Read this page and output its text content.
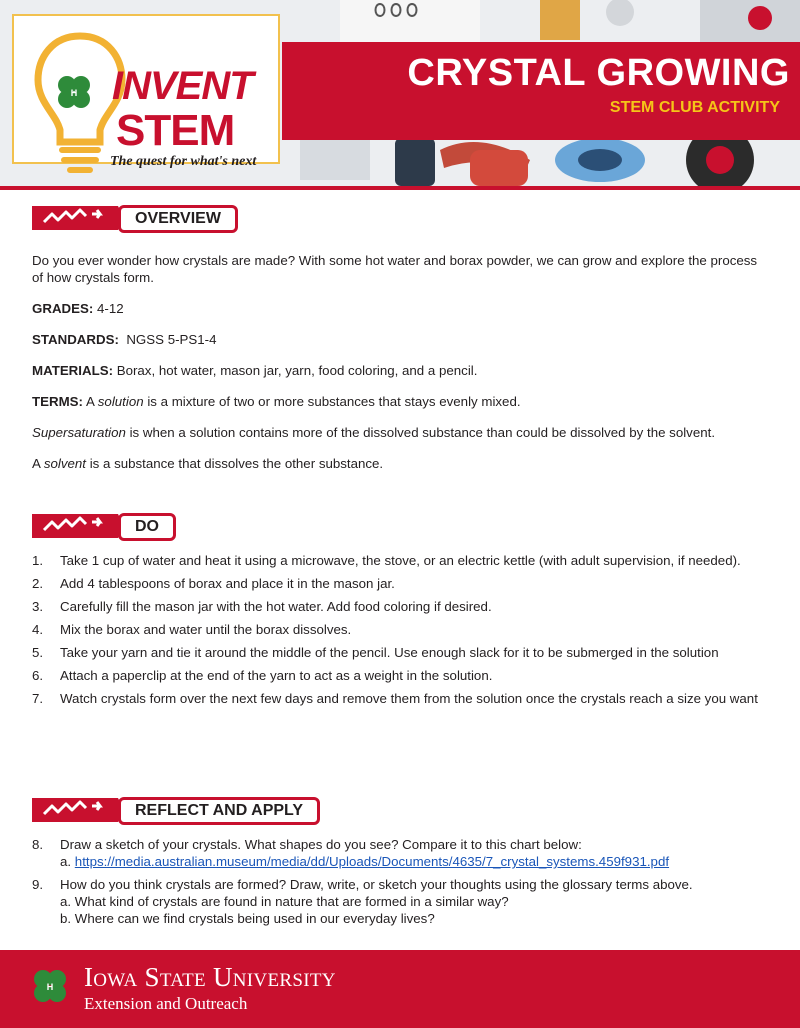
CRYSTAL GROWING
STEM CLUB ACTIVITY
H INVENT
STEM
The quest for what's next
OVERVIEW

Do you ever wonder how crystals are made? With some hot water and borax powder, we can grow and explore the process of how crystals form.

GRADES: 4-12

STANDARDS: NGSS 5-PS1-4

MATERIALS: Borax, hot water, mason jar, yarn, food coloring, and a pencil.

TERMS: A solution is a mixture of two or more substances that stays evenly mixed.

Supersaturation is when a solution contains more of the dissolved substance than could be dissolved by the solvent.

A solvent is a substance that dissolves the other substance.

DO
1. Take 1 cup of water and heat it using a microwave, the stove, or an electric kettle (with adult supervision, if needed).
2. Add 4 tablespoons of borax and place it in the mason jar.
3. Carefully fill the mason jar with the hot water. Add food coloring if desired.
4. Mix the borax and water until the borax dissolves.
5. Take your yarn and tie it around the middle of the pencil. Use enough slack for it to be submerged in the solution
6. Attach a paperclip at the end of the yarn to act as a weight in the solution.
7. Watch crystals form over the next few days and remove them from the solution once the crystals reach a size you want
REFLECT AND APPLY
8. Draw a sketch of your crystals. What shapes do you see? Compare it to this chart below:
a. https://media.australian.museum/media/dd/Uploads/Documents/4635/7_crystal_systems.459f931.pdf
9. How do you think crystals are formed? Draw, write, or sketch your thoughts using the glossary terms above.
a. What kind of crystals are found in nature that are formed in a similar way?
b. Where can we find crystals being used in our everyday lives?
H Iowa State University
Extension and Outreach
